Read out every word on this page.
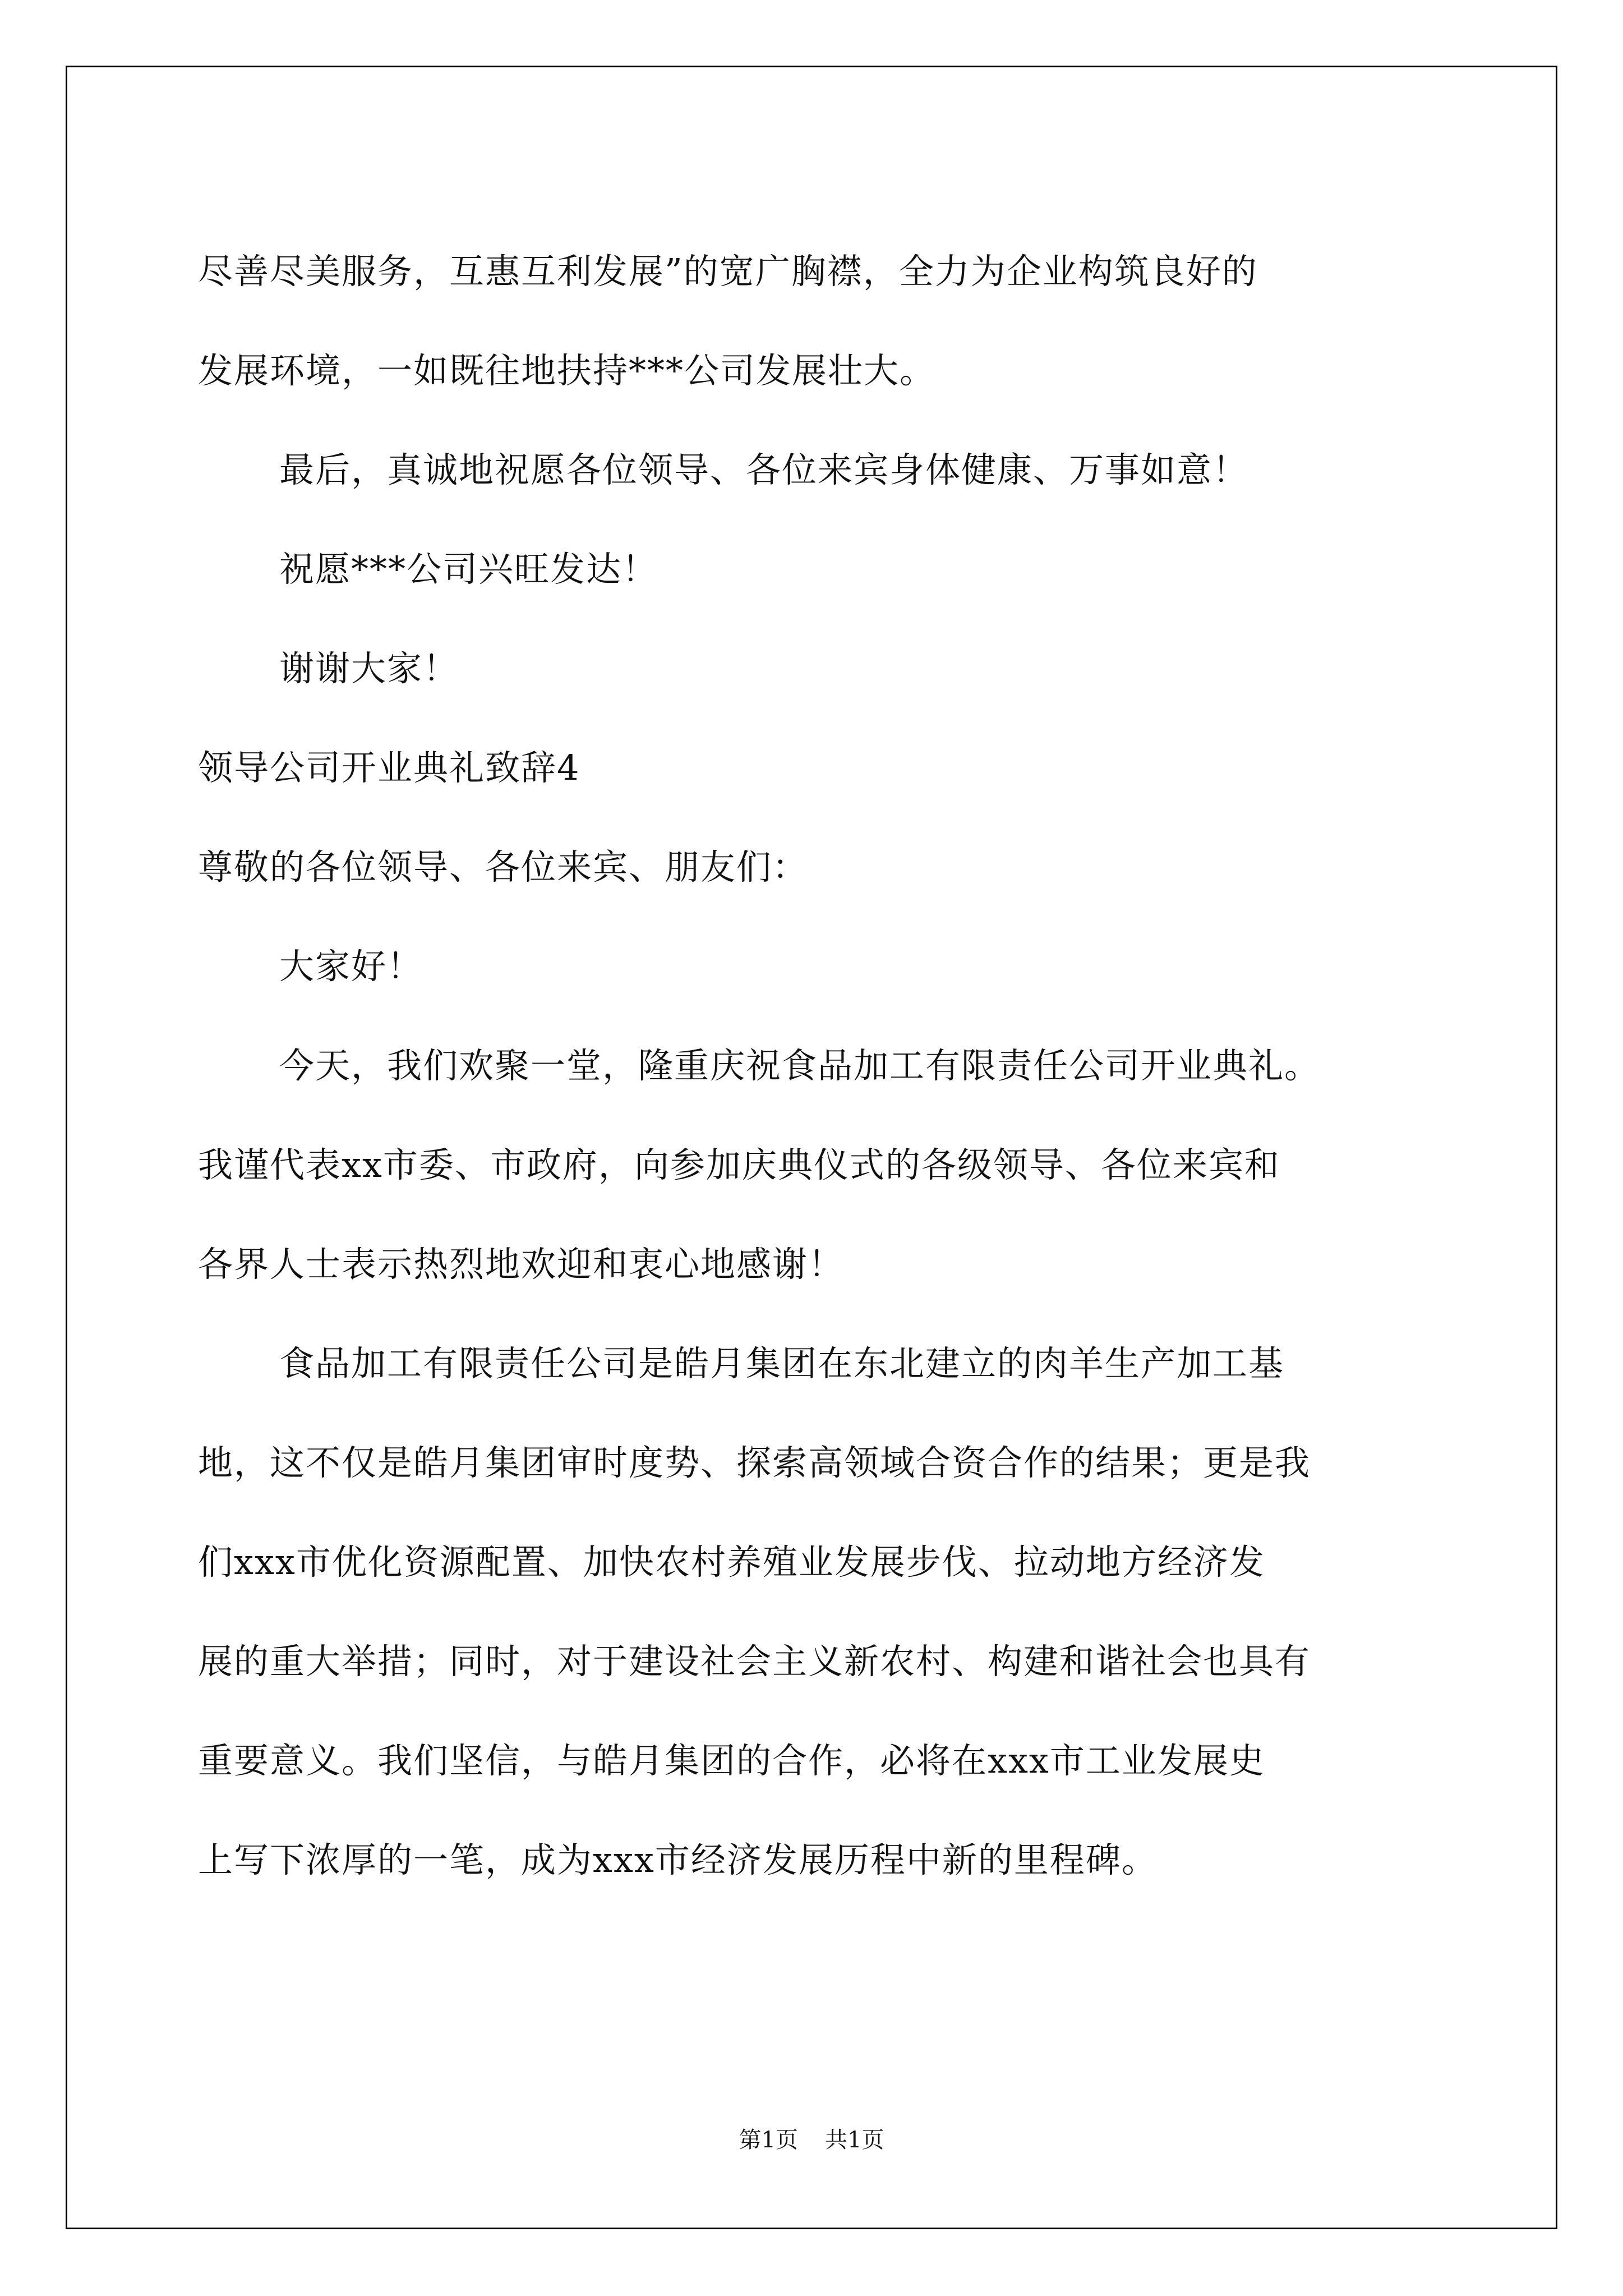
尽善尽美服务，互惠互利发展”的宽广胸襟，全力为企业构筑良好的
发展环境，一如既往地扶持***公司发展壮大。
最后，真诚地祝愿各位领导、各位来宾身体健康、万事如意！
祝愿***公司兴旺发达！
谢谢大家！
领导公司开业典礼致辞4
尊敬的各位领导、各位来宾、朋友们：
大家好！
今天，我们欢聚一堂，隆重庆祝食品加工有限责任公司开业典礼。
我谨代表xx市委、市政府，向参加庆典仪式的各级领导、各位来宾和
各界人士表示热烈地欢迎和衷心地感谢！
食品加工有限责任公司是皓月集团在东北建立的肉羊生产加工基
地，这不仅是皓月集团审时度势、探索高领域合资合作的结果；更是我
们xxx市优化资源配置、加快农村养殖业发展步伐、拉动地方经济发
展的重大举措；同时，对于建设社会主义新农村、构建和谐社会也具有
重要意义。我们坚信，与皓月集团的合作，必将在xxx市工业发展史
上写下浓厚的一笔，成为xxx市经济发展历程中新的里程碑。
第1页 共1页
